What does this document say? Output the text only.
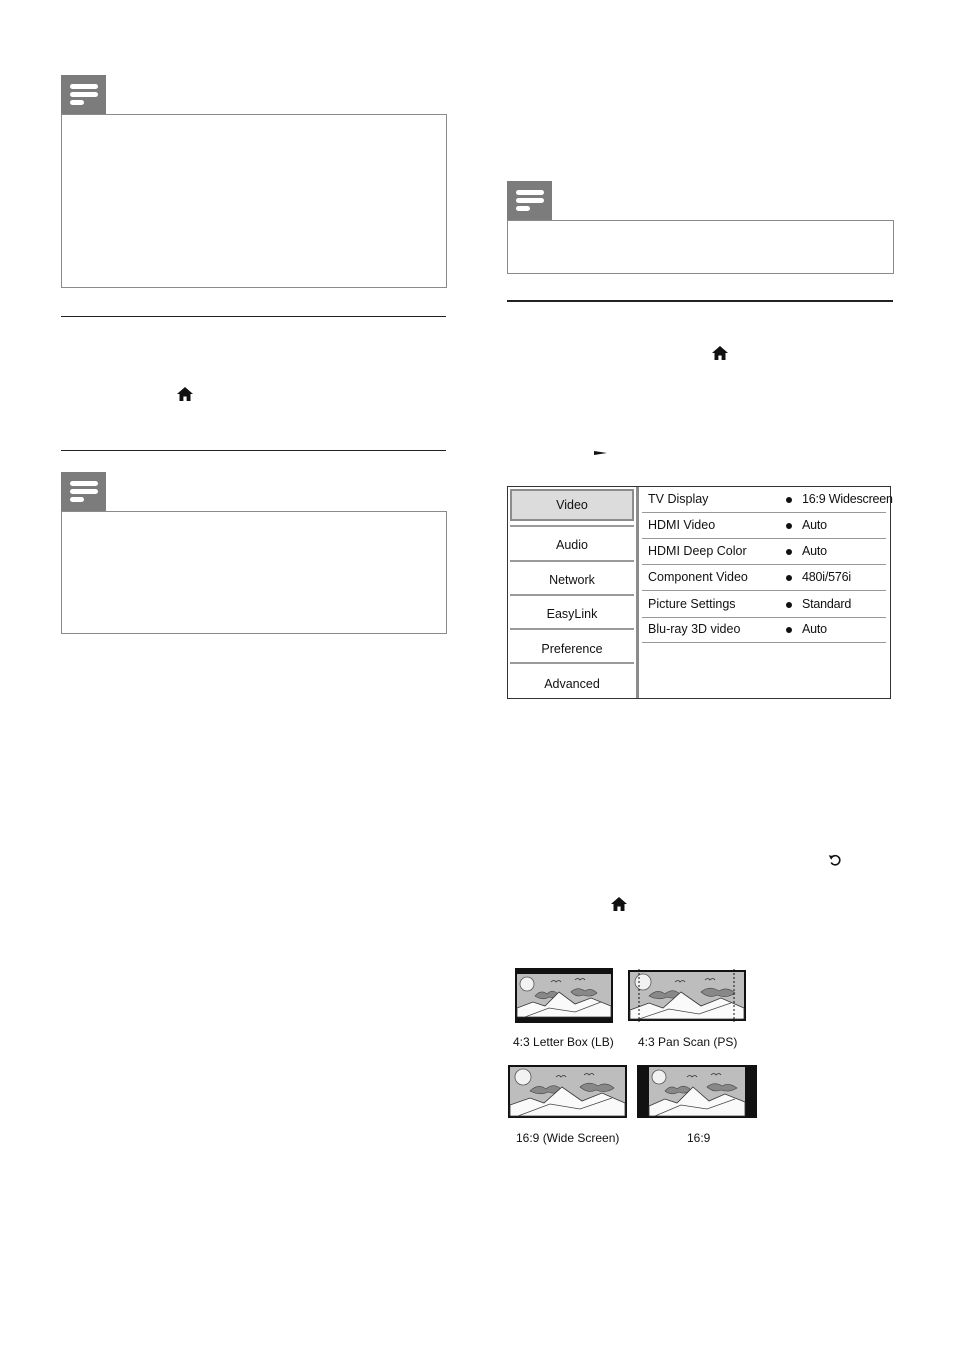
Video
Audio
Network
EasyLink
Preference
Advanced
TV Display	16:9 Widescreen
HDMI Video	Auto
HDMI Deep Color	Auto
Component Video	480i/576i
Picture Settings	Standard
Blu-ray 3D video	Auto
4:3 Letter Box (LB) 4:3 Pan Scan (PS)
16:9 (Wide Screen)	16:9
